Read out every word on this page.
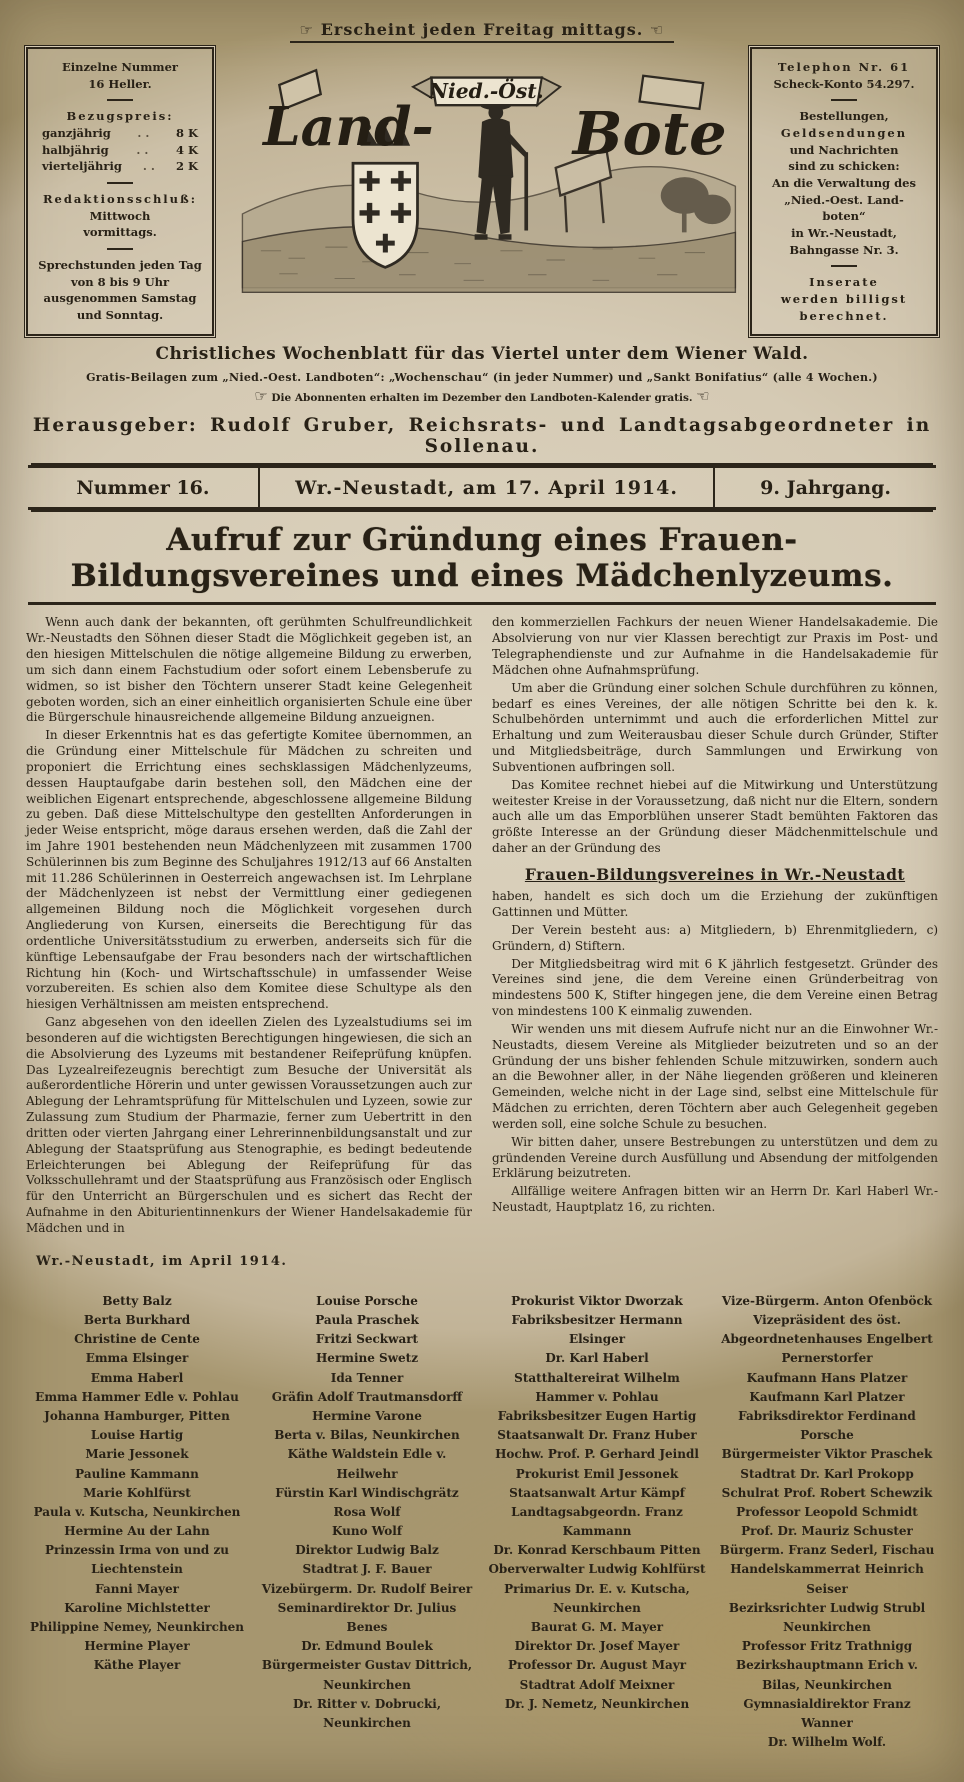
☞ Erscheint jeden Freitag mittags. ☜
Einzelne Nummer
16 Heller.
Bezugspreis:
ganzjährig	. .	8 K
halbjährig	. .	4 K
vierteljährig	. .	2 K
Redaktionsschluß:
Mittwoch
vormittags.
Sprechstunden jeden Tag
von 8 bis 9 Uhr
ausgenommen Samstag
und Sonntag.
✚ ✚
✚ ✚
✚
Land-
Nied.-Öst.
Bote
Telephon Nr. 61
Scheck-Konto 54.297.
Bestellungen,
Geldsendungen
und Nachrichten
sind zu schicken:
An die Verwaltung des
„Nied.-Oest. Land-
boten“
in Wr.-Neustadt,
Bahngasse Nr. 3.
Inserate
werden billigst
berechnet.
Christliches Wochenblatt für das Viertel unter dem Wiener Wald.
Gratis-Beilagen zum „Nied.-Oest. Landboten“: „Wochenschau“ (in jeder Nummer) und „Sankt Bonifatius“ (alle 4 Wochen.)
☞ Die Abonnenten erhalten im Dezember den Landboten-Kalender gratis. ☜
Herausgeber: Rudolf Gruber, Reichsrats- und Landtagsabgeordneter in Sollenau.
Nummer 16.	Wr.-Neustadt, am 17. April 1914.	9. Jahrgang.
Aufruf zur Gründung eines Frauen-Bildungsvereines und eines Mädchenlyzeums.

Wenn auch dank der bekannten, oft gerühmten Schulfreundlichkeit Wr.-Neustadts den Söhnen dieser Stadt die Möglichkeit gegeben ist, an den hiesigen Mittelschulen die nötige allgemeine Bildung zu erwerben, um sich dann einem Fachstudium oder sofort einem Lebensberufe zu widmen, so ist bisher den Töchtern unserer Stadt keine Gelegenheit geboten worden, sich an einer einheitlich organisierten Schule eine über die Bürgerschule hinausreichende allgemeine Bildung anzueignen.

In dieser Erkenntnis hat es das gefertigte Komitee übernommen, an die Gründung einer Mittelschule für Mädchen zu schreiten und proponiert die Errichtung eines sechsklassigen Mädchenlyzeums, dessen Hauptaufgabe darin bestehen soll, den Mädchen eine der weiblichen Eigenart entsprechende, abgeschlossene allgemeine Bildung zu geben. Daß diese Mittelschultype den gestellten Anforderungen in jeder Weise entspricht, möge daraus ersehen werden, daß die Zahl der im Jahre 1901 bestehenden neun Mädchenlyzeen mit zusammen 1700 Schülerinnen bis zum Beginne des Schuljahres 1912/13 auf 66 Anstalten mit 11.286 Schülerinnen in Oesterreich angewachsen ist. Im Lehrplane der Mädchenlyzeen ist nebst der Vermittlung einer gediegenen allgemeinen Bildung noch die Möglichkeit vorgesehen durch Angliederung von Kursen, einerseits die Berechtigung für das ordentliche Universitätsstudium zu erwerben, anderseits sich für die künftige Lebensaufgabe der Frau besonders nach der wirtschaftlichen Richtung hin (Koch- und Wirtschaftsschule) in umfassender Weise vorzubereiten. Es schien also dem Komitee diese Schultype als den hiesigen Verhältnissen am meisten entsprechend.

Ganz abgesehen von den ideellen Zielen des Lyzealstudiums sei im besonderen auf die wichtigsten Berechtigungen hingewiesen, die sich an die Absolvierung des Lyzeums mit bestandener Reifeprüfung knüpfen. Das Lyzealreifezeugnis berechtigt zum Besuche der Universität als außerordentliche Hörerin und unter gewissen Voraussetzungen auch zur Ablegung der Lehramtsprüfung für Mittelschulen und Lyzeen, sowie zur Zulassung zum Studium der Pharmazie, ferner zum Uebertritt in den dritten oder vierten Jahrgang einer Lehrerinnenbildungsanstalt und zur Ablegung der Staatsprüfung aus Stenographie, es bedingt bedeutende Erleichterungen bei Ablegung der Reifeprüfung für das Volksschullehramt und der Staatsprüfung aus Französisch oder Englisch für den Unterricht an Bürgerschulen und es sichert das Recht der Aufnahme in den Abiturientinnenkurs der Wiener Handelsakademie für Mädchen und in

Wr.-Neustadt, im April 1914.

den kommerziellen Fachkurs der neuen Wiener Handelsakademie. Die Absolvierung von nur vier Klassen berechtigt zur Praxis im Post- und Telegraphendienste und zur Aufnahme in die Handelsakademie für Mädchen ohne Aufnahmsprüfung.

Um aber die Gründung einer solchen Schule durchführen zu können, bedarf es eines Vereines, der alle nötigen Schritte bei den k. k. Schulbehörden unternimmt und auch die erforderlichen Mittel zur Erhaltung und zum Weiterausbau dieser Schule durch Gründer, Stifter und Mitgliedsbeiträge, durch Sammlungen und Erwirkung von Subventionen aufbringen soll.

Das Komitee rechnet hiebei auf die Mitwirkung und Unterstützung weitester Kreise in der Voraussetzung, daß nicht nur die Eltern, sondern auch alle um das Emporblühen unserer Stadt bemühten Faktoren das größte Interesse an der Gründung dieser Mädchenmittelschule und daher an der Gründung des

Frauen-Bildungsvereines in Wr.-Neustadt

haben, handelt es sich doch um die Erziehung der zukünftigen Gattinnen und Mütter.

Der Verein besteht aus: a) Mitgliedern, b) Ehrenmitgliedern, c) Gründern, d) Stiftern.

Der Mitgliedsbeitrag wird mit 6 K jährlich festgesetzt. Gründer des Vereines sind jene, die dem Vereine einen Gründerbeitrag von mindestens 500 K, Stifter hingegen jene, die dem Vereine einen Betrag von mindestens 100 K einmalig zuwenden.

Wir wenden uns mit diesem Aufrufe nicht nur an die Einwohner Wr.-Neustadts, diesem Vereine als Mitglieder beizutreten und so an der Gründung der uns bisher fehlenden Schule mitzuwirken, sondern auch an die Bewohner aller, in der Nähe liegenden größeren und kleineren Gemeinden, welche nicht in der Lage sind, selbst eine Mittelschule für Mädchen zu errichten, deren Töchtern aber auch Gelegenheit gegeben werden soll, eine solche Schule zu besuchen.

Wir bitten daher, unsere Bestrebungen zu unterstützen und dem zu gründenden Vereine durch Ausfüllung und Absendung der mitfolgenden Erklärung beizutreten.

Allfällige weitere Anfragen bitten wir an Herrn Dr. Karl Haberl Wr.-Neustadt, Hauptplatz 16, zu richten.

Betty Balz
Berta Burkhard
Christine de Cente
Emma Elsinger
Emma Haberl
Emma Hammer Edle v. Pohlau
Johanna Hamburger, Pitten
Louise Hartig
Marie Jessonek
Pauline Kammann
Marie Kohlfürst
Paula v. Kutscha, Neunkirchen
Hermine Au der Lahn
Prinzessin Irma von und zu Liechtenstein
Fanni Mayer
Karoline Michlstetter
Philippine Nemey, Neunkirchen
Hermine Player
Käthe Player
Louise Porsche
Paula Praschek
Fritzi Seckwart
Hermine Swetz
Ida Tenner
Gräfin Adolf Trautmansdorff
Hermine Varone
Berta v. Bilas, Neunkirchen
Käthe Waldstein Edle v. Heilwehr
Fürstin Karl Windischgrätz
Rosa Wolf
Kuno Wolf
Direktor Ludwig Balz
Stadtrat J. F. Bauer
Vizebürgerm. Dr. Rudolf Beirer
Seminardirektor Dr. Julius Benes
Dr. Edmund Boulek
Bürgermeister Gustav Dittrich, Neunkirchen
Dr. Ritter v. Dobrucki, Neunkirchen
Prokurist Viktor Dworzak
Fabriksbesitzer Hermann Elsinger
Dr. Karl Haberl
Statthaltereirat Wilhelm Hammer v. Pohlau
Fabriksbesitzer Eugen Hartig
Staatsanwalt Dr. Franz Huber
Hochw. Prof. P. Gerhard Jeindl
Prokurist Emil Jessonek
Staatsanwalt Artur Kämpf
Landtagsabgeordn. Franz Kammann
Dr. Konrad Kerschbaum Pitten
Oberverwalter Ludwig Kohlfürst
Primarius Dr. E. v. Kutscha, Neunkirchen
Baurat G. M. Mayer
Direktor Dr. Josef Mayer
Professor Dr. August Mayr
Stadtrat Adolf Meixner
Dr. J. Nemetz, Neunkirchen
Vize-Bürgerm. Anton Ofenböck
Vizepräsident des öst. Abgeordnetenhauses Engelbert Pernerstorfer
Kaufmann Hans Platzer
Kaufmann Karl Platzer
Fabriksdirektor Ferdinand Porsche
Bürgermeister Viktor Praschek
Stadtrat Dr. Karl Prokopp
Schulrat Prof. Robert Schewzik
Professor Leopold Schmidt
Prof. Dr. Mauriz Schuster
Bürgerm. Franz Sederl, Fischau
Handelskammerrat Heinrich Seiser
Bezirksrichter Ludwig Strubl Neunkirchen
Professor Fritz Trathnigg
Bezirkshauptmann Erich v. Bilas, Neunkirchen
Gymnasialdirektor Franz Wanner
Dr. Wilhelm Wolf.
